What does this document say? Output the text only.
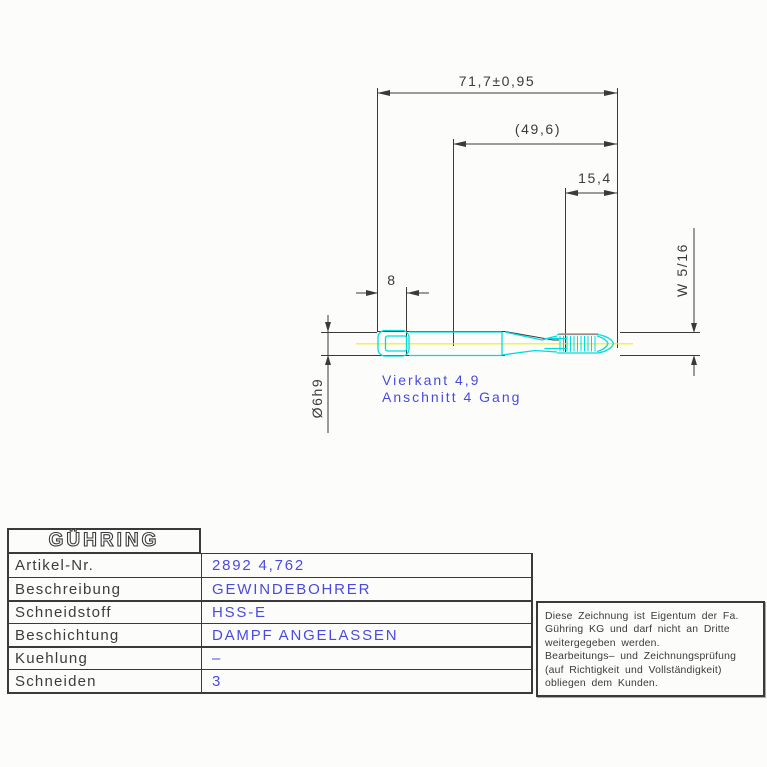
71,7±0,95
(49,6)
15,4
8
Ø6h9
W 5/16
Vierkant 4,9
Anschnitt 4 Gang
GÜHRING
Artikel-Nr.	2892 4,762
Beschreibung	GEWINDEBOHRER
Schneidstoff	HSS-E
Beschichtung	DAMPF ANGELASSEN
Kuehlung	–
Schneiden	3
Diese Zeichnung ist Eigentum der Fa.
Gühring KG und darf nicht an Dritte
weitergegeben werden.
Bearbeitungs– und Zeichnungsprüfung
(auf Richtigkeit und Vollständigkeit)
obliegen dem Kunden.
